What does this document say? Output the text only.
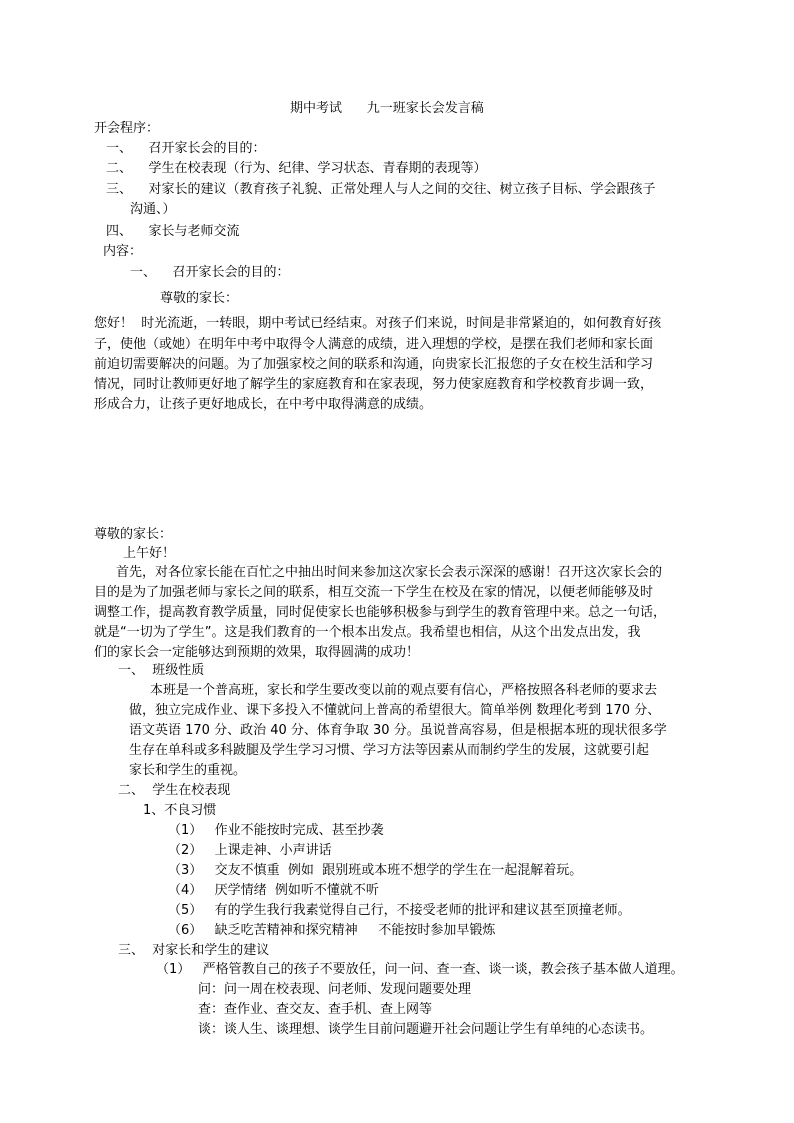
期中考试      九一班家长会发言稿
开会程序：
一、    召开家长会的目的：
二、    学生在校表现（行为、纪律、学习状态、青春期的表现等）
三、    对家长的建议（教育孩子礼貌、正常处理人与人之间的交往、树立孩子目标、学会跟孩子
沟通、）
四、    家长与老师交流
内容：
一、    召开家长会的目的：
尊敬的家长：
您好！  时光流逝，一转眼，期中考试已经结束。对孩子们来说，时间是非常紧迫的，如何教育好孩
子，使他（或她）在明年中考中取得令人满意的成绩，进入理想的学校，是摆在我们老师和家长面
前迫切需要解决的问题。为了加强家校之间的联系和沟通，向贵家长汇报您的子女在校生活和学习
情况，同时让教师更好地了解学生的家庭教育和在家表现，努力使家庭教育和学校教育步调一致，
形成合力，让孩子更好地成长，在中考中取得满意的成绩。
尊敬的家长：
上午好！
首先，对各位家长能在百忙之中抽出时间来参加这次家长会表示深深的感谢！召开这次家长会的
目的是为了加强老师与家长之间的联系，相互交流一下学生在校及在家的情况，以便老师能够及时
调整工作，提高教育教学质量，同时促使家长也能够积极参与到学生的教育管理中来。总之一句话，
就是“一切为了学生”。这是我们教育的一个根本出发点。我希望也相信，从这个出发点出发，我
们的家长会一定能够达到预期的效果，取得圆满的成功！
一、  班级性质
本班是一个普高班，家长和学生要改变以前的观点要有信心，严格按照各科老师的要求去
做，独立完成作业、课下多投入不懂就问上普高的希望很大。简单举例 数理化考到 170 分、
语文英语 170 分、政治 40 分、体育争取 30 分。虽说普高容易，但是根据本班的现状很多学
生存在单科或多科跛腿及学生学习习惯、学习方法等因素从而制约学生的发展，这就要引起
家长和学生的重视。
二、  学生在校表现
1、不良习惯
（1）   作业不能按时完成、甚至抄袭
（2）   上课走神、小声讲话
（3）   交友不慎重  例如  跟别班或本班不想学的学生在一起混解着玩。
（4）   厌学情绪  例如听不懂就不听
（5）   有的学生我行我素觉得自己行，不接受老师的批评和建议甚至顶撞老师。
（6）   缺乏吃苦精神和探究精神     不能按时参加早锻炼
三、  对家长和学生的建议
（1）   严格管教自己的孩子不要放任，问一问、查一查、谈一谈，教会孩子基本做人道理。
问：问一周在校表现、问老师、发现问题要处理
查：查作业、查交友、查手机、查上网等
谈：谈人生、谈理想、谈学生目前问题避开社会问题让学生有单纯的心态读书。
